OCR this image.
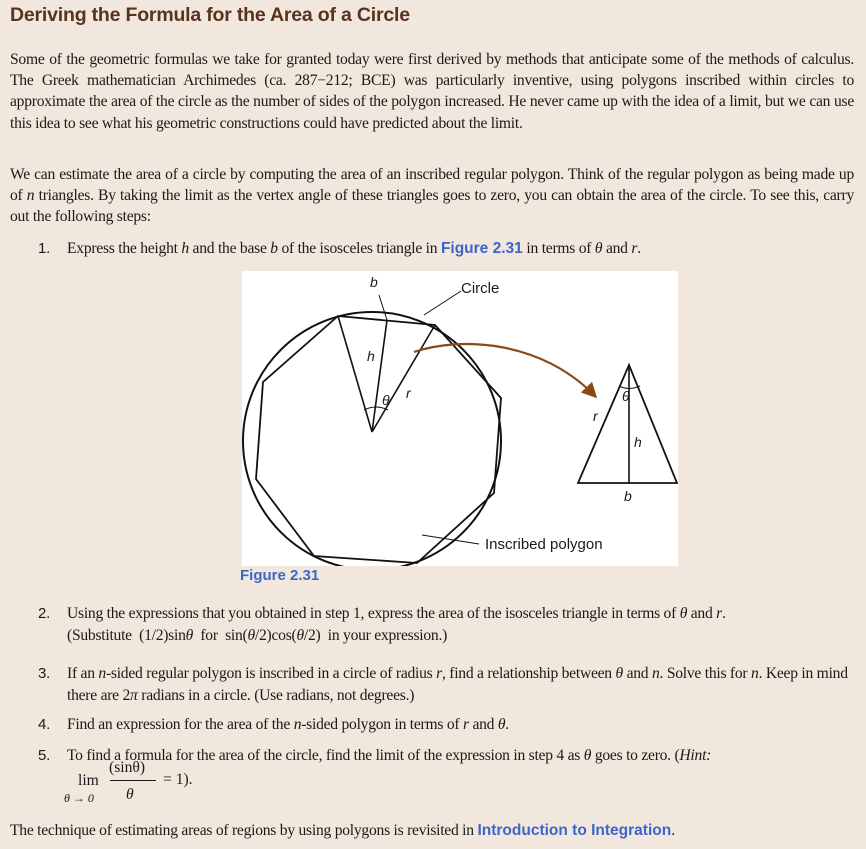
Deriving the Formula for the Area of a Circle
Some of the geometric formulas we take for granted today were first derived by methods that anticipate some of the methods of calculus. The Greek mathematician Archimedes (ca. 287−212; BCE) was particularly inventive, using polygons inscribed within circles to approximate the area of the circle as the number of sides of the polygon increased. He never came up with the idea of a limit, but we can use this idea to see what his geometric constructions could have predicted about the limit.
We can estimate the area of a circle by computing the area of an inscribed regular polygon. Think of the regular polygon as being made up of n triangles. By taking the limit as the vertex angle of these triangles goes to zero, you can obtain the area of the circle. To see this, carry out the following steps:
1. Express the height h and the base b of the isosceles triangle in Figure 2.31 in terms of θ and r.
b	Circle
h
θ r	θ
r
h
b
Inscribed polygon
Figure 2.31
2. Using the expressions that you obtained in step 1, express the area of the isosceles triangle in terms of θ and r.
(Substitute  (1/2)sinθ  for  sin(θ/2)cos(θ/2)  in your expression.)
3. If an n-sided regular polygon is inscribed in a circle of radius r, find a relationship between θ and n. Solve this for n. Keep in mind there are 2π radians in a circle. (Use radians, not degrees.)
4. Find an expression for the area of the n-sided polygon in terms of r and θ.
5. To find a formula for the area of the circle, find the limit of the expression in step 4 as θ goes to zero. (Hint:
lim
θ → 0
(sinθ)
θ
= 1).
The technique of estimating areas of regions by using polygons is revisited in Introduction to Integration.
